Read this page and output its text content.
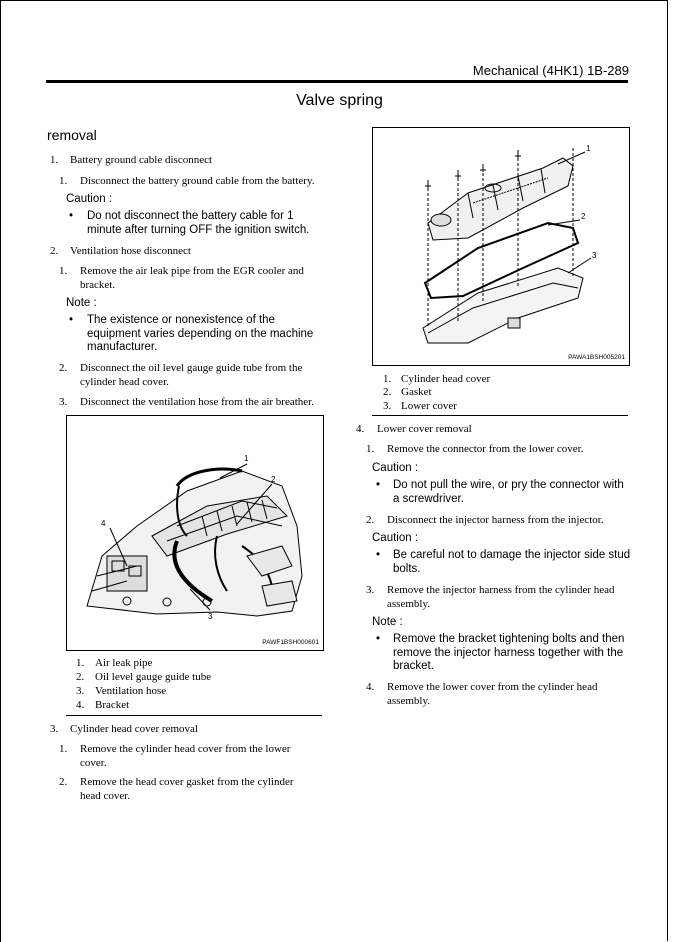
Mechanical (4HK1) 1B-289
Valve spring
removal
1. Battery ground cable disconnect
1. Disconnect the battery ground cable from the battery.
Caution :
• Do not disconnect the battery cable for 1
minute after turning OFF the ignition switch.
2. Ventilation hose disconnect
1. Remove the air leak pipe from the EGR cooler and
bracket.
Note :
• The existence or nonexistence of the
equipment varies depending on the machine
manufacturer.
2. Disconnect the oil level gauge guide tube from the
cylinder head cover.
3. Disconnect the ventilation hose from the air breather.
1
2
3
4
PAWF1BSH000601
1. Air leak pipe
2. Oil level gauge guide tube
3. Ventilation hose
4. Bracket
3. Cylinder head cover removal
1. Remove the cylinder head cover from the lower
cover.
2. Remove the head cover gasket from the cylinder
head cover.
1
2
3
PAWA1BSH005201
1. Cylinder head cover
2. Gasket
3. Lower cover
4. Lower cover removal
1. Remove the connector from the lower cover.
Caution :
• Do not pull the wire, or pry the connector with
a screwdriver.
2. Disconnect the injector harness from the injector.
Caution :
• Be careful not to damage the injector side stud
bolts.
3. Remove the injector harness from the cylinder head
assembly.
Note :
• Remove the bracket tightening bolts and then
remove the injector harness together with the
bracket.
4. Remove the lower cover from the cylinder head
assembly.
